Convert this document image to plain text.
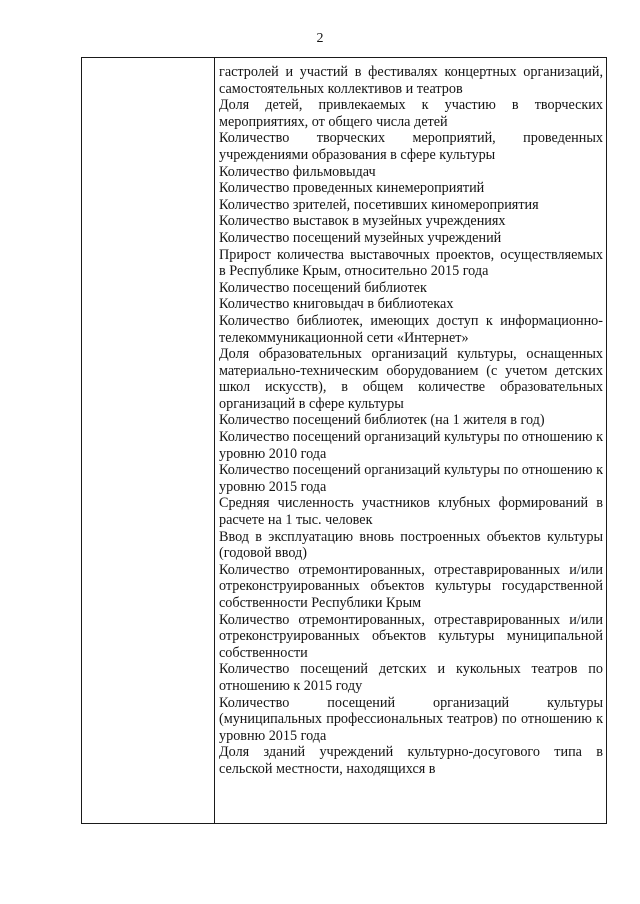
2

гастролей и участий в фестивалях концертных организаций, самостоятельных коллективов и театров

Доля детей, привлекаемых к участию в творческих мероприятиях, от общего числа детей

Количество творческих мероприятий, проведенных учреждениями образования в сфере культуры

Количество фильмовыдач

Количество проведенных кинемероприятий

Количество зрителей, посетивших киномероприятия

Количество выставок в музейных учреждениях

Количество посещений музейных учреждений

Прирост количества выставочных проектов, осуществляемых в Республике Крым, относительно 2015 года

Количество посещений библиотек

Количество книговыдач в библиотеках

Количество библиотек, имеющих доступ к информационно-телекоммуникационной сети «Интернет»

Доля образовательных организаций культуры, оснащенных материально-техническим оборудованием (с учетом детских школ искусств), в общем количестве образовательных организаций в сфере культуры

Количество посещений библиотек (на 1 жителя в год)

Количество посещений организаций культуры по отношению к уровню 2010 года

Количество посещений организаций культуры по отношению к уровню 2015 года

Средняя численность участников клубных формирований в расчете на 1 тыс. человек

Ввод в эксплуатацию вновь построенных объектов культуры (годовой ввод)

Количество отремонтированных, отреставрированных и/или отреконструированных объектов культуры государственной собственности Республики Крым

Количество отремонтированных, отреставрированных и/или отреконструированных объектов культуры муниципальной собственности

Количество посещений детских и кукольных театров по отношению к 2015 году

Количество посещений организаций культуры (муниципальных профессиональных театров) по отношению к уровню 2015 года

Доля зданий учреждений культурно-досугового типа в сельской местности, находящихся в
